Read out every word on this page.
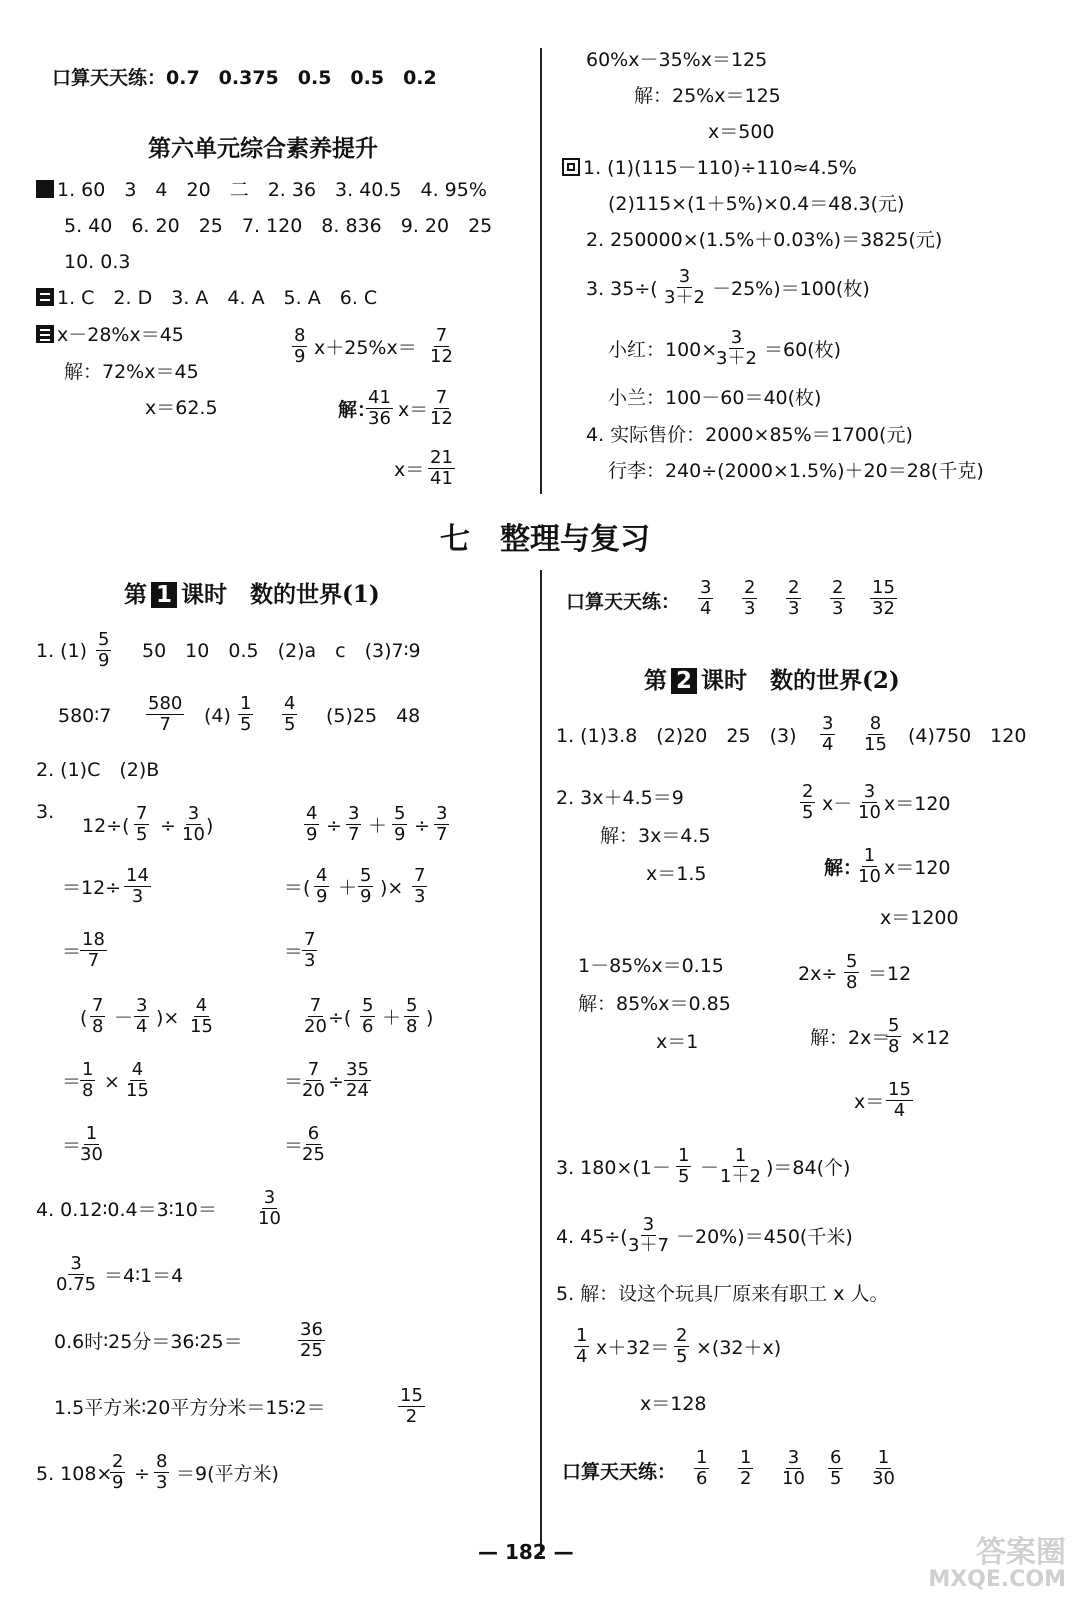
口算天天练：0.7　0.375　0.5　0.5　0.2
第六单元综合素养提升
1. 60　3　4　20　二　2. 36　3. 40.5　4. 95%
5. 40　6. 20　25　7. 120　8. 836　9. 20　25
10. 0.3
1. C　2. D　3. A　4. A　5. A　6. C
x－28%x＝45
解：72%x＝45
x＝62.5
8
9 x＋25%x＝
7
12
解：
41
36 x＝
7
12
x＝
21
41
60%x－35%x＝125
解：25%x＝125
x＝500
1. (1)(115－110)÷110≈4.5%
(2)115×(1＋5%)×0.4＝48.3(元)
2. 250000×(1.5%＋0.03%)＝3825(元)
3. 35÷(
3
3＋2 －25%)＝100(枚)
小红：100×
3
3＋2 ＝60(枚)
小兰：100－60＝40(枚)
4. 实际售价：2000×85%＝1700(元)
行李：240÷(2000×1.5%)＋20＝28(千克)
七　整理与复习
第 1 课时　数的世界(1)
1. (1)
5
9 50　10　0.5　(2)a　c　(3)7∶9
580∶7
580
7 (4)
1
5
4
5 (5)25　48
2. (1)C　(2)B
3.
12÷(
7
5 ÷
3
10 )
＝12÷
14
3
＝
18
7
4
9 ÷
3
7 ＋
5
9 ÷
3
7
＝(
4
9 ＋
5
9 )×
7
3
＝
7
3
(
7
8 －
3
4 )×
4
15
＝
1
8 ×
4
15
＝
1
30
7
20 ÷(
5
6 ＋
5
8 )
＝
7
20 ÷
35
24
＝
6
25
4. 0.12∶0.4＝3∶10＝
3
10
3
0.75 ＝4∶1＝4
0.6时∶25分＝36∶25＝
36
25
1.5平方米∶20平方分米＝15∶2＝
15
2
5. 108×
2
9 ÷
8
3 ＝9(平方米)
口算天天练：
3
4
2
3
2
3
2
3
15
32
第 2 课时　数的世界(2)
1. (1)3.8　(2)20　25　(3)
3
4
8
15 (4)750　120
2. 3x＋4.5＝9
解：3x＝4.5
x＝1.5
2
5 x－
3
10 x＝120
解：
1
10 x＝120
x＝1200
1－85%x＝0.15
解：85%x＝0.85
x＝1
2x÷
5
8 ＝12
解：2x＝
5
8 ×12
x＝
15
4
3. 180×(1－
1
5 －
1
1＋2 )＝84(个)
4. 45÷(
3
3＋7 －20%)＝450(千米)
5. 解：设这个玩具厂原来有职工 x 人。
1
4 x＋32＝
2
5 ×(32＋x)
x＝128
口算天天练：
1
6
1
2
3
10
6
5
1
30
— 182 —	答案圈
MXQE.COM
